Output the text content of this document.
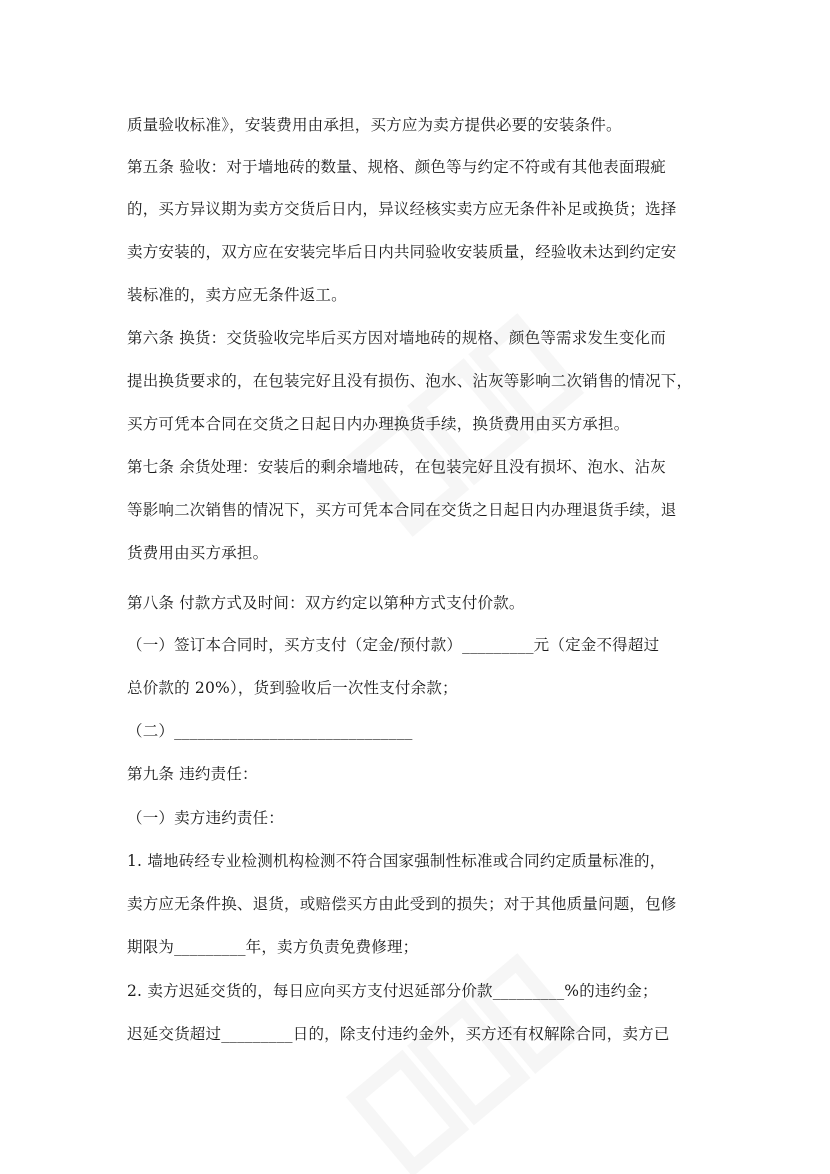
质量验收标准》，安装费用由承担，买方应为卖方提供必要的安装条件。
第五条 验收：对于墙地砖的数量、规格、颜色等与约定不符或有其他表面瑕疵
的，买方异议期为卖方交货后日内，异议经核实卖方应无条件补足或换货；选择
卖方安装的，双方应在安装完毕后日内共同验收安装质量，经验收未达到约定安
装标准的，卖方应无条件返工。
第六条 换货：交货验收完毕后买方因对墙地砖的规格、颜色等需求发生变化而
提出换货要求的，在包装完好且没有损伤、泡水、沾灰等影响二次销售的情况下，
买方可凭本合同在交货之日起日内办理换货手续，换货费用由买方承担。
第七条 余货处理：安装后的剩余墙地砖，在包装完好且没有损坏、泡水、沾灰
等影响二次销售的情况下，买方可凭本合同在交货之日起日内办理退货手续，退
货费用由买方承担。
第八条 付款方式及时间：双方约定以第种方式支付价款。
（一）签订本合同时，买方支付（定金/预付款）_________元（定金不得超过
总价款的 20%），货到验收后一次性支付余款；
（二）______________________________
第九条 违约责任：
（一）卖方违约责任：
1. 墙地砖经专业检测机构检测不符合国家强制性标准或合同约定质量标准的，
卖方应无条件换、退货，或赔偿买方由此受到的损失；对于其他质量问题，包修
期限为_________年，卖方负责免费修理；
2. 卖方迟延交货的，每日应向买方支付迟延部分价款_________%的违约金；
迟延交货超过_________日的，除支付违约金外，买方还有权解除合同，卖方已
